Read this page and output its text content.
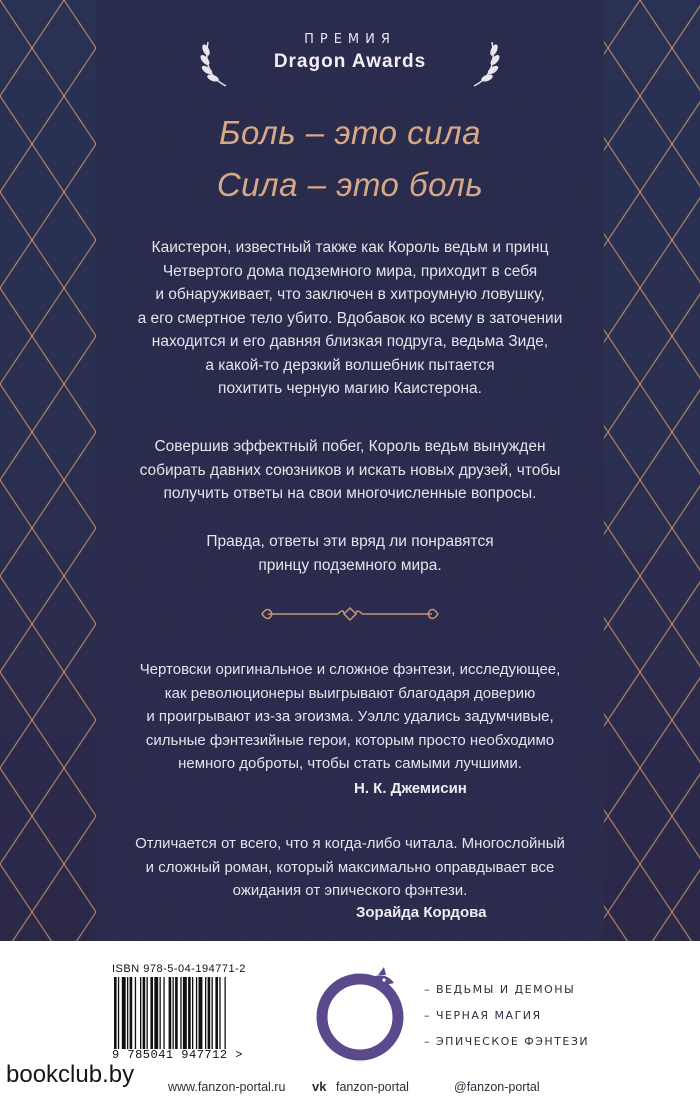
ПРЕМИЯ
Dragon Awards
Боль – это сила
Сила – это боль
Каистерон, известный также как Король ведьм и принц
Четвертого дома подземного мира, приходит в себя
и обнаруживает, что заключен в хитроумную ловушку,
а его смертное тело убито. Вдобавок ко всему в заточении
находится и его давняя близкая подруга, ведьма Зиде,
а какой-то дерзкий волшебник пытается
похитить черную магию Каистерона.
Совершив эффектный побег, Король ведьм вынужден
собирать давних союзников и искать новых друзей, чтобы
получить ответы на свои многочисленные вопросы.
Правда, ответы эти вряд ли понравятся
принцу подземного мира.
Чертовски оригинальное и сложное фэнтези, исследующее,
как революционеры выигрывают благодаря доверию
и проигрывают из-за эгоизма. Уэллс удались задумчивые,
сильные фэнтезийные герои, которым просто необходимо
немного доброты, чтобы стать самыми лучшими.
Н. К. Джемисин
Отличается от всего, что я когда-либо читала. Многослойный
и сложный роман, который максимально оправдывает все
ожидания от эпического фэнтези.
Зорайда Кордова
ISBN 978-5-04-194771-2
9 785041 947712 >
– ВЕДЬМЫ И ДЕМОНЫ
– ЧЕРНАЯ МАГИЯ
– ЭПИЧЕСКОЕ ФЭНТЕЗИ
www.fanzon-portal.ru vk fanzon-portal	@fanzon-portal
bookclub.by
